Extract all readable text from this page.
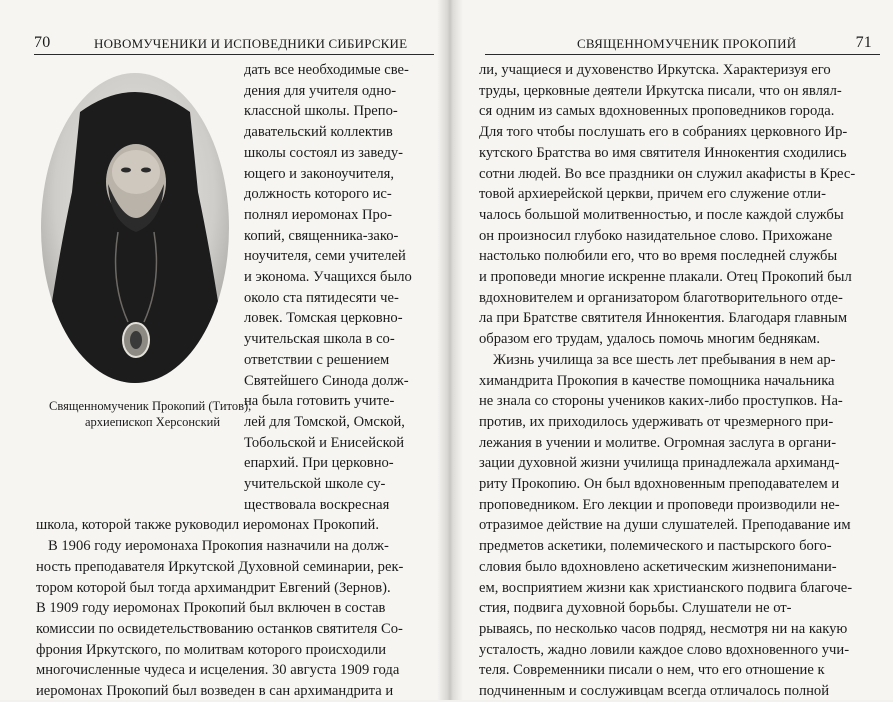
70	НОВОМУЧЕНИКИ И ИСПОВЕДНИКИ СИБИРСКИЕ
Священномученик Прокопий (Титов),
архиепископ Херсонский
дать все необходимые све-
дения для учителя одно-
классной школы. Препо-
давательский коллектив
школы состоял из заведу-
ющего и законоучителя,
должность которого ис-
полнял иеромонах Про-
копий, священника-зако-
ноучителя, семи учителей
и эконома. Учащихся было
около ста пятидесяти че-
ловек. Томская церковно-
учительская школа в со-
ответствии с решением
Святейшего Синода долж-
на была готовить учите-
лей для Томской, Омской,
Тобольской и Енисейской
епархий. При церковно-
учительской школе су-
ществовала воскресная
школа, которой также руководил иеромонах Прокопий.
В 1906 году иеромонаха Прокопия назначили на долж-
ность преподавателя Иркутской Духовной семинарии, рек-
тором которой был тогда архимандрит Евгений (Зернов).
В 1909 году иеромонах Прокопий был включен в состав
комиссии по освидетельствованию останков святителя Со-
фрония Иркутского, по молитвам которого происходили
многочисленные чудеса и исцеления. 30 августа 1909 года
иеромонах Прокопий был возведен в сан архимандрита и
СВЯЩЕННОМУЧЕНИК ПРОКОПИЙ	71
ли, учащиеся и духовенство Иркутска. Характеризуя его
труды, церковные деятели Иркутска писали, что он являл-
ся одним из самых вдохновенных проповедников города.
Для того чтобы послушать его в собраниях церковного Ир-
кутского Братства во имя святителя Иннокентия сходились
сотни людей. Во все праздники он служил акафисты в Крес-
товой архиерейской церкви, причем его служение отли-
чалось большой молитвенностью, и после каждой службы
он произносил глубоко назидательное слово. Прихожане
настолько полюбили его, что во время последней службы
и проповеди многие искренне плакали. Отец Прокопий был
вдохновителем и организатором благотворительного отде-
ла при Братстве святителя Иннокентия. Благодаря главным
образом его трудам, удалось помочь многим беднякам.
Жизнь училища за все шесть лет пребывания в нем ар-
химандрита Прокопия в качестве помощника начальника
не знала со стороны учеников каких-либо проступков. На-
против, их приходилось удерживать от чрезмерного при-
лежания в учении и молитве. Огромная заслуга в органи-
зации духовной жизни училища принадлежала архиманд-
риту Прокопию. Он был вдохновенным преподавателем и
проповедником. Его лекции и проповеди производили не-
отразимое действие на души слушателей. Преподавание им
предметов аскетики, полемического и пастырского бого-
словия было вдохновлено аскетическим жизнепонимани-
ем, восприятием жизни как христианского подвига благоче-
стия, подвига духовной борьбы. Слушатели не от-
рываясь, по несколько часов подряд, несмотря ни на какую
усталость, жадно ловили каждое слово вдохновенного учи-
теля. Современники писали о нем, что его отношение к
подчиненным и сослуживцам всегда отличалось полной
